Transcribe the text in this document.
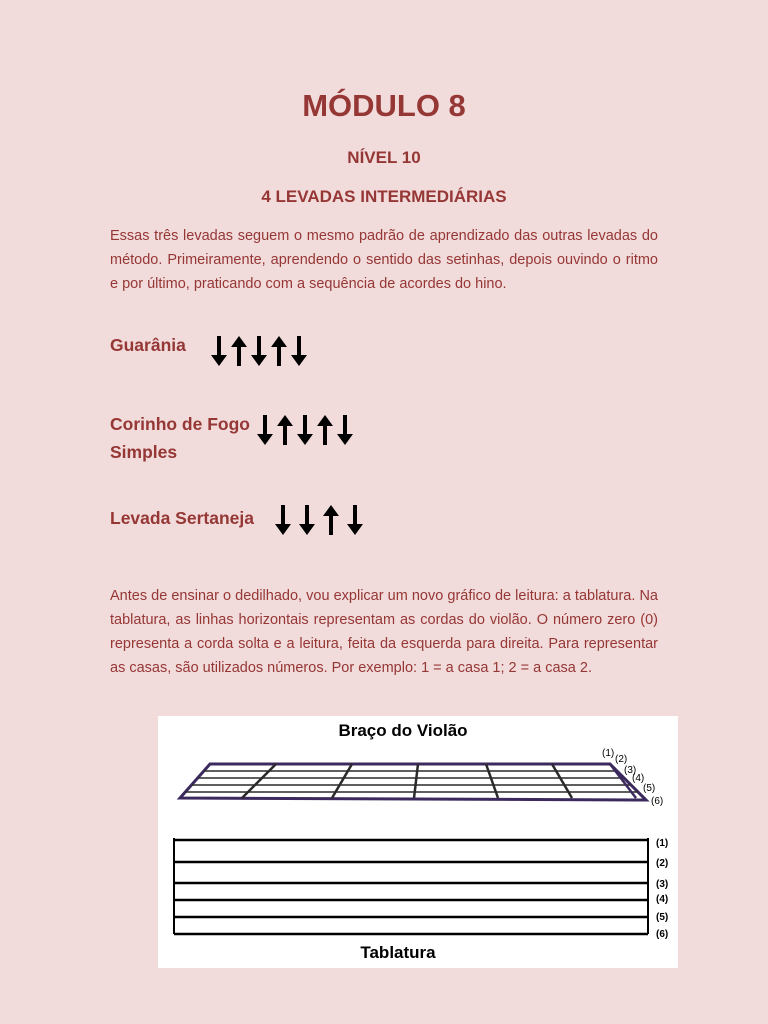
MÓDULO 8
NÍVEL 10
4 LEVADAS INTERMEDIÁRIAS
Essas três levadas seguem o mesmo padrão de aprendizado das outras levadas do método. Primeiramente, aprendendo o sentido das setinhas, depois ouvindo o ritmo e por último, praticando com a sequência de acordes do hino.
Guarânia
Corinho de Fogo
Simples
Levada Sertaneja
Antes de ensinar o dedilhado, vou explicar um novo gráfico de leitura: a tablatura. Na tablatura, as linhas horizontais representam as cordas do violão. O número zero (0) representa a corda solta e a leitura, feita da esquerda para direita. Para representar as casas, são utilizados números. Por exemplo: 1 = a casa 1; 2 = a casa 2.
Braço do Violão
(1)
(2)
(3)
(4)
(5)
(6)
(1)
(2)
(3)
(4)
(5)
(6)
Tablatura
